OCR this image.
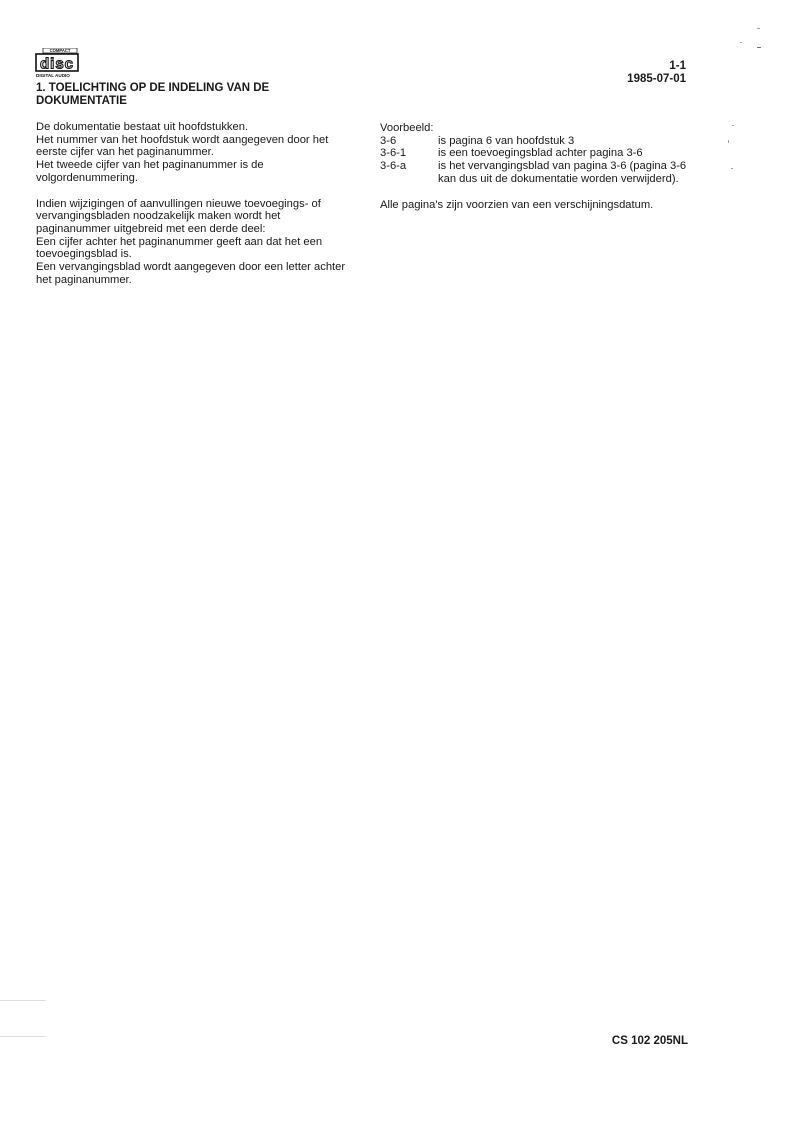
COMPACT
disc
DIGITAL AUDIO
1-1
1985-07-01
1. TOELICHTING OP DE INDELING VAN DE DOKUMENTATIE

De dokumentatie bestaat uit hoofdstukken.
Het nummer van het hoofdstuk wordt aangegeven door het eerste cijfer van het paginanummer.
Het tweede cijfer van het paginanummer is de volgordenummering.

Indien wijzigingen of aanvullingen nieuwe toevoegings- of vervangingsbladen noodzakelijk maken wordt het paginanummer uitgebreid met een derde deel:
Een cijfer achter het paginanummer geeft aan dat het een toevoegingsblad is.
Een vervangingsblad wordt aangegeven door een letter achter het paginanummer.

Voorbeeld:
3-6	is pagina 6 van hoofdstuk 3
3-6-1	is een toevoegingsblad achter pagina 3-6
3-6-a	is het vervangingsblad van pagina 3-6 (pagina 3-6 kan dus uit de dokumentatie worden verwijderd).
Alle pagina's zijn voorzien van een verschijningsdatum.
CS 102 205NL
